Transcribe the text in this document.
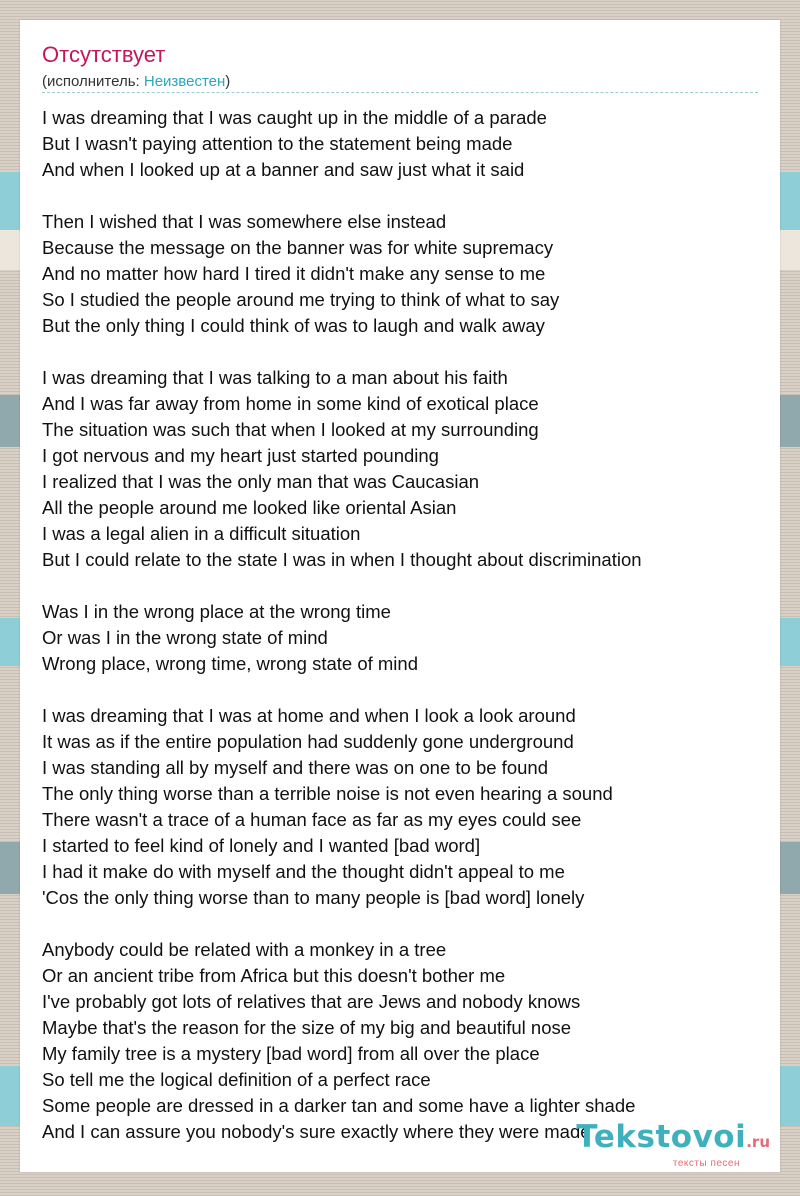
Отсутствует
(исполнитель: Неизвестен)
I was dreaming that I was caught up in the middle of a parade
But I wasn't paying attention to the statement being made
And when I looked up at a banner and saw just what it said
Then I wished that I was somewhere else instead
Because the message on the banner was for white supremacy
And no matter how hard I tired it didn't make any sense to me
So I studied the people around me trying to think of what to say
But the only thing I could think of was to laugh and walk away
I was dreaming that I was talking to a man about his faith
And I was far away from home in some kind of exotical place
The situation was such that when I looked at my surrounding
I got nervous and my heart just started pounding
I realized that I was the only man that was Caucasian
All the people around me looked like oriental Asian
I was a legal alien in a difficult situation
But I could relate to the state I was in when I thought about discrimination
Was I in the wrong place at the wrong time
Or was I in the wrong state of mind
Wrong place, wrong time, wrong state of mind
I was dreaming that I was at home and when I look a look around
It was as if the entire population had suddenly gone underground
I was standing all by myself and there was on one to be found
The only thing worse than a terrible noise is not even hearing a sound
There wasn't a trace of a human face as far as my eyes could see
I started to feel kind of lonely and I wanted [bad word]
I had it make do with myself and the thought didn't appeal to me
'Cos the only thing worse than to many people is [bad word] lonely
Anybody could be related with a monkey in a tree
Or an ancient tribe from Africa but this doesn't bother me
I've probably got lots of relatives that are Jews and nobody knows
Maybe that's the reason for the size of my big and beautiful nose
My family tree is a mystery [bad word] from all over the place
So tell me the logical definition of a perfect race
Some people are dressed in a darker tan and some have a lighter shade
And I can assure you nobody's sure exactly where they were made
Tekstovoi.ru
тексты песен
